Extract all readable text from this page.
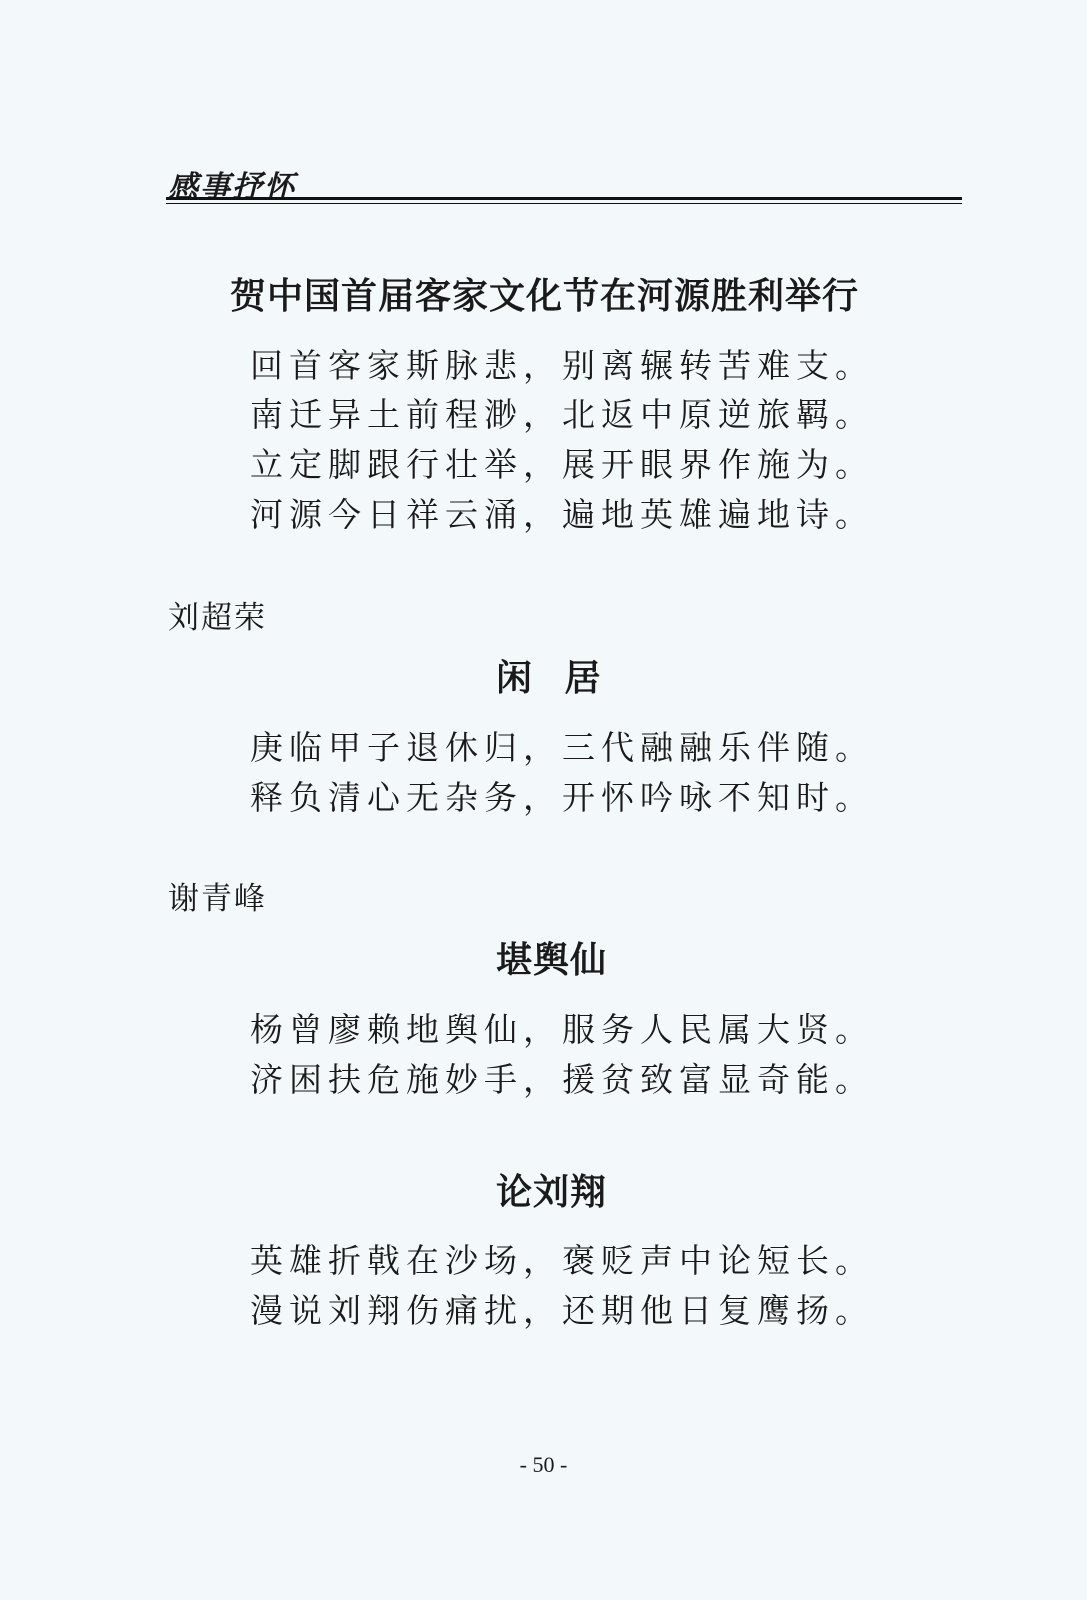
感事抒怀
贺中国首届客家文化节在河源胜利举行
回首客家斯脉悲，别离辗转苦难支。
南迁异土前程渺，北返中原逆旅羁。
立定脚跟行壮举，展开眼界作施为。
河源今日祥云涌，遍地英雄遍地诗。
刘超荣
闲 居
庚临甲子退休归，三代融融乐伴随。
释负清心无杂务，开怀吟咏不知时。
谢青峰
堪舆仙
杨曾廖赖地舆仙，服务人民属大贤。
济困扶危施妙手，援贫致富显奇能。
论刘翔
英雄折戟在沙场，褒贬声中论短长。
漫说刘翔伤痛扰，还期他日复鹰扬。
- 50 -
